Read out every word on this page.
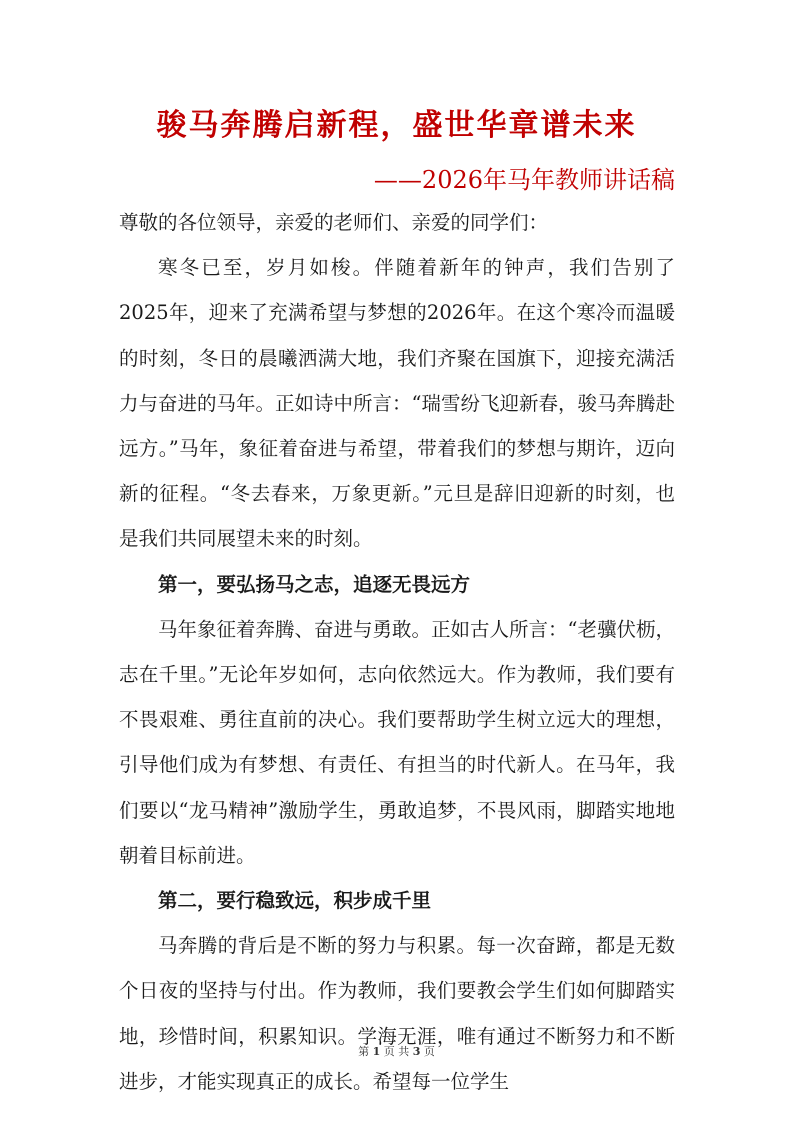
骏马奔腾启新程，盛世华章谱未来
——2026年马年教师讲话稿

尊敬的各位领导，亲爱的老师们、亲爱的同学们：

寒冬已至，岁月如梭。伴随着新年的钟声，我们告别了2025年，迎来了充满希望与梦想的2026年。在这个寒冷而温暖的时刻，冬日的晨曦洒满大地，我们齐聚在国旗下，迎接充满活力与奋进的马年。正如诗中所言：“瑞雪纷飞迎新春，骏马奔腾赴远方。”马年，象征着奋进与希望，带着我们的梦想与期许，迈向新的征程。“冬去春来，万象更新。”元旦是辞旧迎新的时刻，也是我们共同展望未来的时刻。

第一，要弘扬马之志，追逐无畏远方

马年象征着奔腾、奋进与勇敢。正如古人所言：“老骥伏枥，志在千里。”无论年岁如何，志向依然远大。作为教师，我们要有不畏艰难、勇往直前的决心。我们要帮助学生树立远大的理想，引导他们成为有梦想、有责任、有担当的时代新人。在马年，我们要以“龙马精神”激励学生，勇敢追梦，不畏风雨，脚踏实地地朝着目标前进。

第二，要行稳致远，积步成千里

马奔腾的背后是不断的努力与积累。每一次奋蹄，都是无数个日夜的坚持与付出。作为教师，我们要教会学生们如何脚踏实地，珍惜时间，积累知识。学海无涯，唯有通过不断努力和不断进步，才能实现真正的成长。希望每一位学生

第 1 页 共 3 页
